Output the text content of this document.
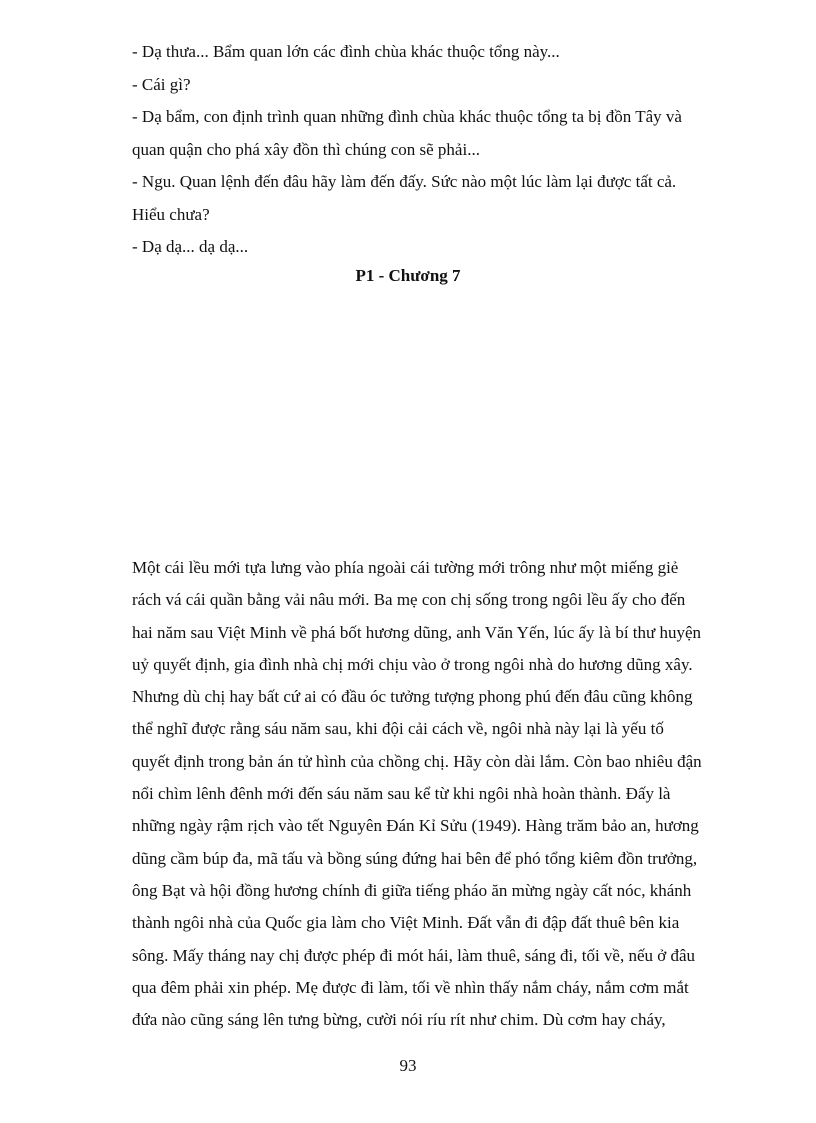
- Dạ thưa... Bẩm quan lớn các đình chùa khác thuộc tổng này...
- Cái gì?
- Dạ bẩm, con định trình quan những đình chùa khác thuộc tổng ta bị đồn Tây và
quan quận cho phá xây đồn thì chúng con sẽ phải...
- Ngu. Quan lệnh đến đâu hãy làm đến đấy. Sức nào một lúc làm lại được tất cả.
Hiểu chưa?
- Dạ dạ... dạ dạ...
P1 - Chương 7
Một cái lều mới tựa lưng vào phía ngoài cái tường mới trông như một miếng giẻ
rách vá cái quần bằng vải nâu mới. Ba mẹ con chị sống trong ngôi lều ấy cho đến
hai năm sau Việt Minh về phá bốt hương dũng, anh Văn Yến, lúc ấy là bí thư huyện
uỷ quyết định, gia đình nhà chị mới chịu vào ở trong ngôi nhà do hương dũng xây.
Nhưng dù chị hay bất cứ ai có đầu óc tưởng tượng phong phú đến đâu cũng không
thể nghĩ được rằng sáu năm sau, khi đội cải cách về, ngôi nhà này lại là yếu tố
quyết định trong bản án tử hình của chồng chị. Hãy còn dài lắm. Còn bao nhiêu đận
nổi chìm lênh đênh mới đến sáu năm sau kể từ khi ngôi nhà hoàn thành. Đấy là
những ngày rậm rịch vào tết Nguyên Đán Kỉ Sửu (1949). Hàng trăm bảo an, hương
dũng cầm búp đa, mã tấu và bồng súng đứng hai bên để phó tổng kiêm đồn trưởng,
ông Bạt và hội đồng hương chính đi giữa tiếng pháo ăn mừng ngày cất nóc, khánh
thành ngôi nhà của Quốc gia làm cho Việt Minh. Đất vẫn đi đập đất thuê bên kia
sông. Mấy tháng nay chị được phép đi mót hái, làm thuê, sáng đi, tối về, nếu ở đâu
qua đêm phải xin phép. Mẹ được đi làm, tối về nhìn thấy nắm cháy, nắm cơm mắt
đứa nào cũng sáng lên tưng bừng, cười nói ríu rít như chim. Dù cơm hay cháy,
93
